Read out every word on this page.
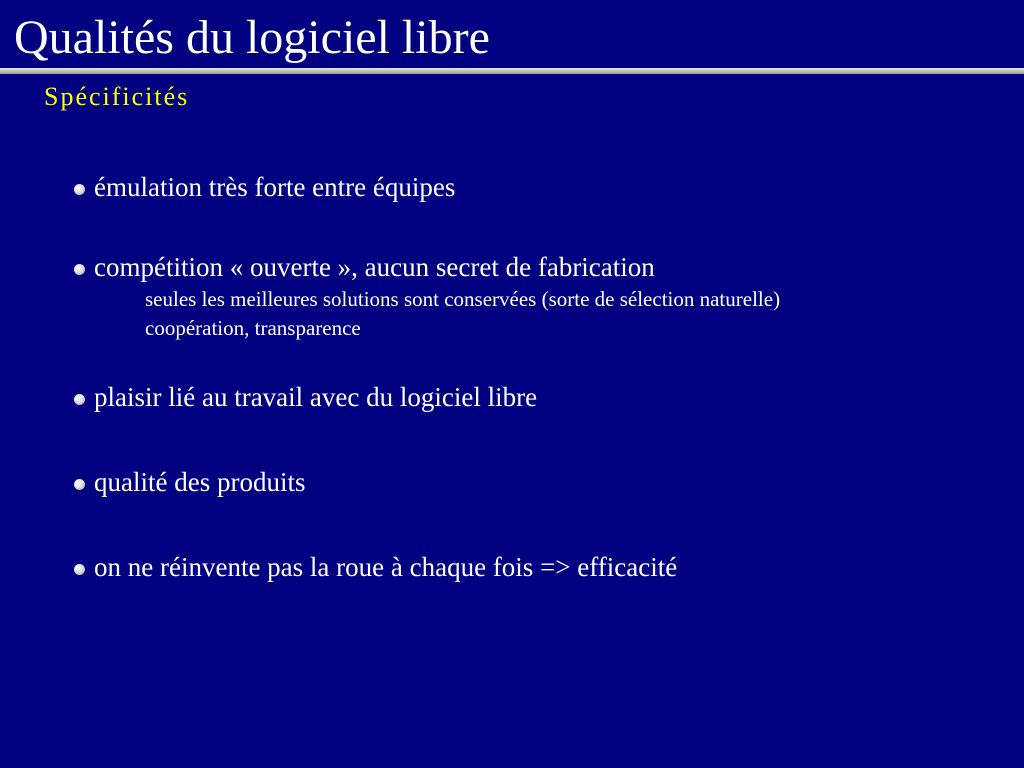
Qualités du logiciel libre
Spécificités
émulation très forte entre équipes
compétition « ouverte », aucun secret de fabrication
seules les meilleures solutions sont conservées (sorte de sélection naturelle)
coopération, transparence
plaisir lié au travail avec du logiciel libre
qualité des produits
on ne réinvente pas la roue à chaque fois => efficacité
